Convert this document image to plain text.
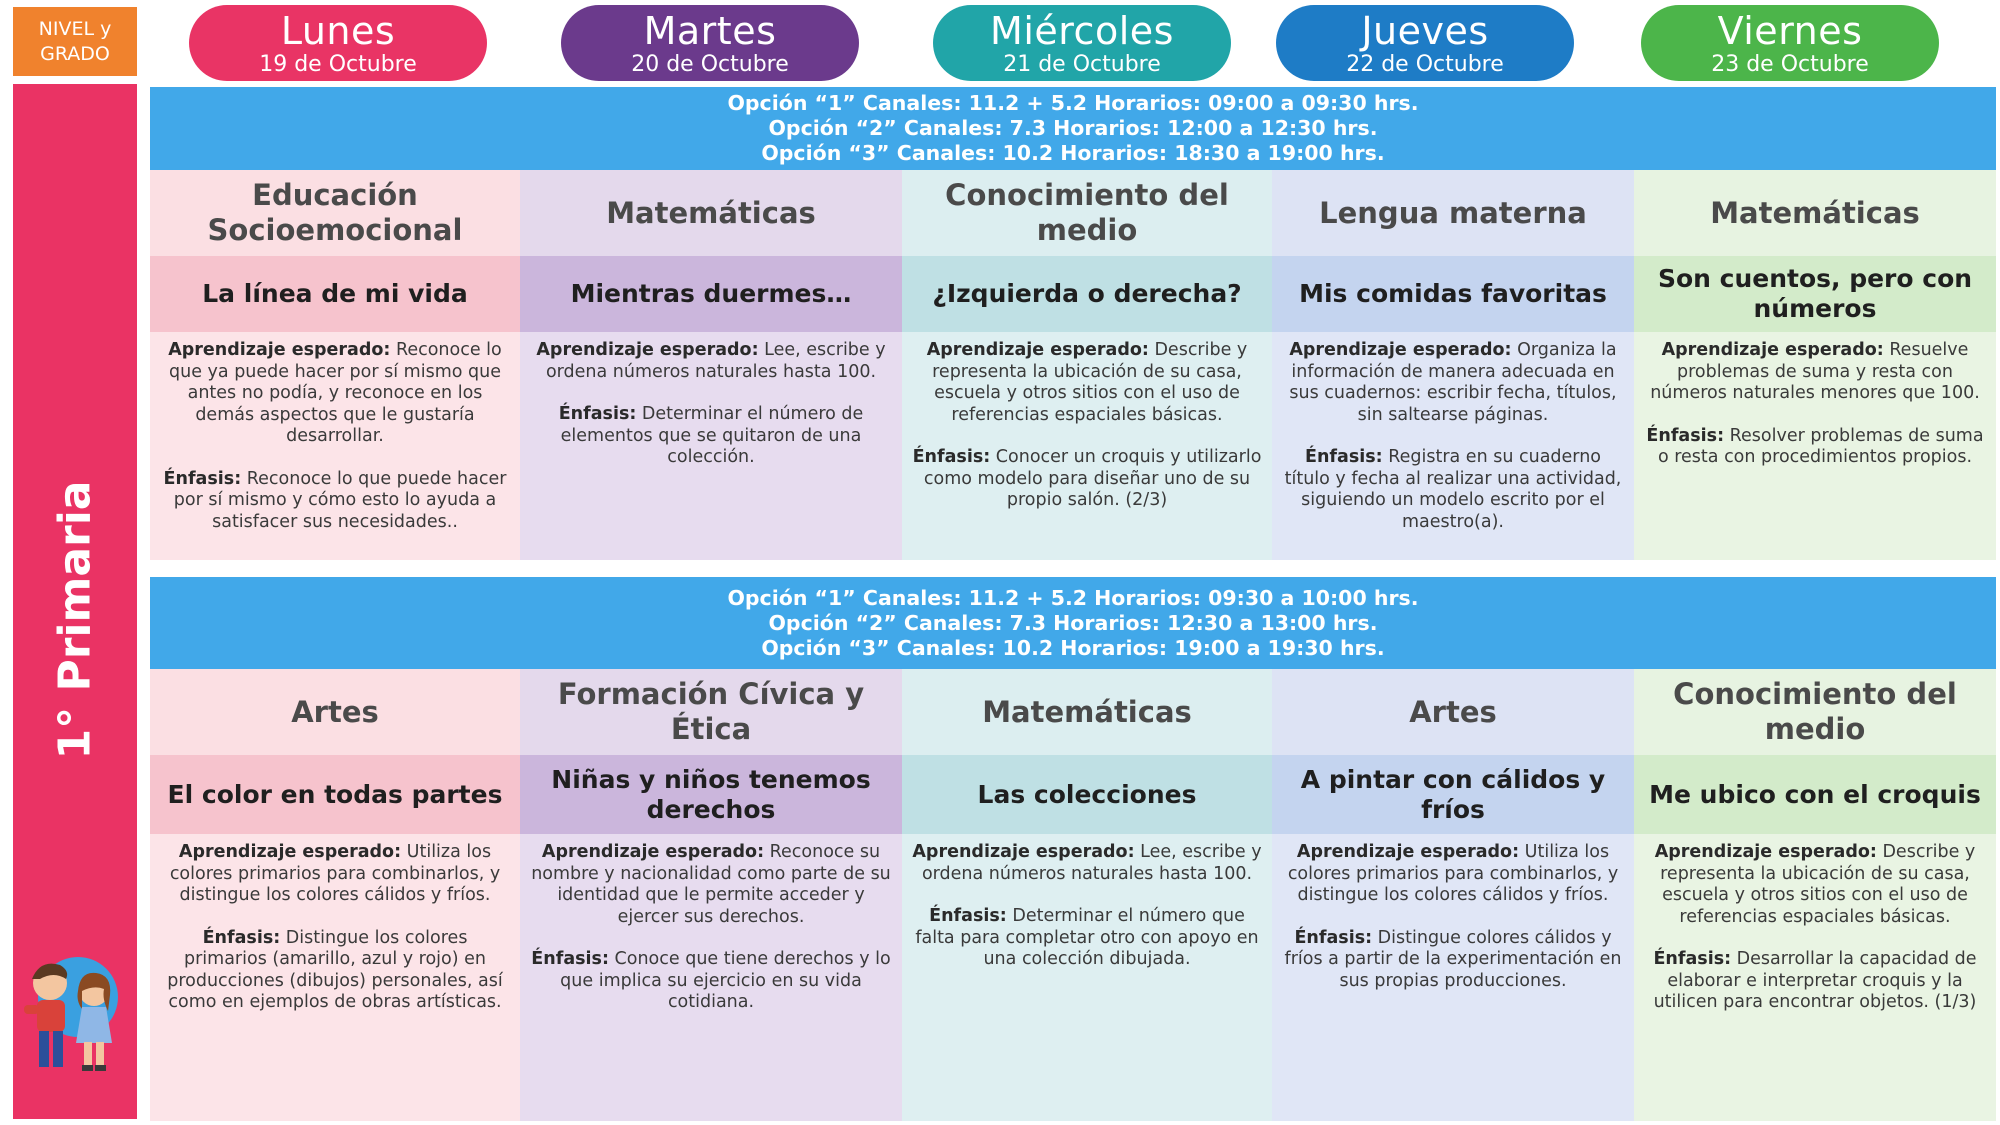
NIVEL y
GRADO
Lunes
19 de Octubre
Martes
20 de Octubre
Miércoles
21 de Octubre
Jueves
22 de Octubre
Viernes
23 de Octubre
1° Primaria
Opción “1” Canales: 11.2 + 5.2 Horarios: 09:00 a 09:30 hrs.
Opción “2” Canales: 7.3 Horarios: 12:00 a 12:30 hrs.
Opción “3” Canales: 10.2 Horarios: 18:30 a 19:00 hrs.
Educación Socioemocional
La línea de mi vida

Aprendizaje esperado: Reconoce lo que ya puede hacer por sí mismo que antes no podía, y reconoce en los demás aspectos que le gustaría desarrollar.

Énfasis: Reconoce lo que puede hacer por sí mismo y cómo esto lo ayuda a satisfacer sus necesidades..

Matemáticas
Mientras duermes…

Aprendizaje esperado: Lee, escribe y ordena números naturales hasta 100.

Énfasis: Determinar el número de elementos que se quitaron de una colección.

Conocimiento del medio
¿Izquierda o derecha?

Aprendizaje esperado: Describe y representa la ubicación de su casa, escuela y otros sitios con el uso de referencias espaciales básicas.

Énfasis: Conocer un croquis y utilizarlo como modelo para diseñar uno de su propio salón. (2/3)

Lengua materna
Mis comidas favoritas

Aprendizaje esperado: Organiza la información de manera adecuada en sus cuadernos: escribir fecha, títulos, sin saltearse páginas.

Énfasis: Registra en su cuaderno título y fecha al realizar una actividad, siguiendo un modelo escrito por el maestro(a).

Matemáticas
Son cuentos, pero con números

Aprendizaje esperado: Resuelve problemas de suma y resta con números naturales menores que 100.

Énfasis: Resolver problemas de suma o resta con procedimientos propios.

Opción “1” Canales: 11.2 + 5.2 Horarios: 09:30 a 10:00 hrs.
Opción “2” Canales: 7.3 Horarios: 12:30 a 13:00 hrs.
Opción “3” Canales: 10.2 Horarios: 19:00 a 19:30 hrs.
Artes
El color en todas partes

Aprendizaje esperado: Utiliza los colores primarios para combinarlos, y distingue los colores cálidos y fríos.

Énfasis: Distingue los colores primarios (amarillo, azul y rojo) en producciones (dibujos) personales, así como en ejemplos de obras artísticas.

Formación Cívica y Ética
Niñas y niños tenemos derechos

Aprendizaje esperado: Reconoce su nombre y nacionalidad como parte de su identidad que le permite acceder y ejercer sus derechos.

Énfasis: Conoce que tiene derechos y lo que implica su ejercicio en su vida cotidiana.

Matemáticas
Las colecciones

Aprendizaje esperado: Lee, escribe y ordena números naturales hasta 100.

Énfasis: Determinar el número que falta para completar otro con apoyo en una colección dibujada.

Artes
A pintar con cálidos y fríos

Aprendizaje esperado: Utiliza los colores primarios para combinarlos, y distingue los colores cálidos y fríos.

Énfasis: Distingue colores cálidos y fríos a partir de la experimentación en sus propias producciones.

Conocimiento del medio
Me ubico con el croquis

Aprendizaje esperado: Describe y representa la ubicación de su casa, escuela y otros sitios con el uso de referencias espaciales básicas.

Énfasis: Desarrollar la capacidad de elaborar e interpretar croquis y la utilicen para encontrar objetos. (1/3)
